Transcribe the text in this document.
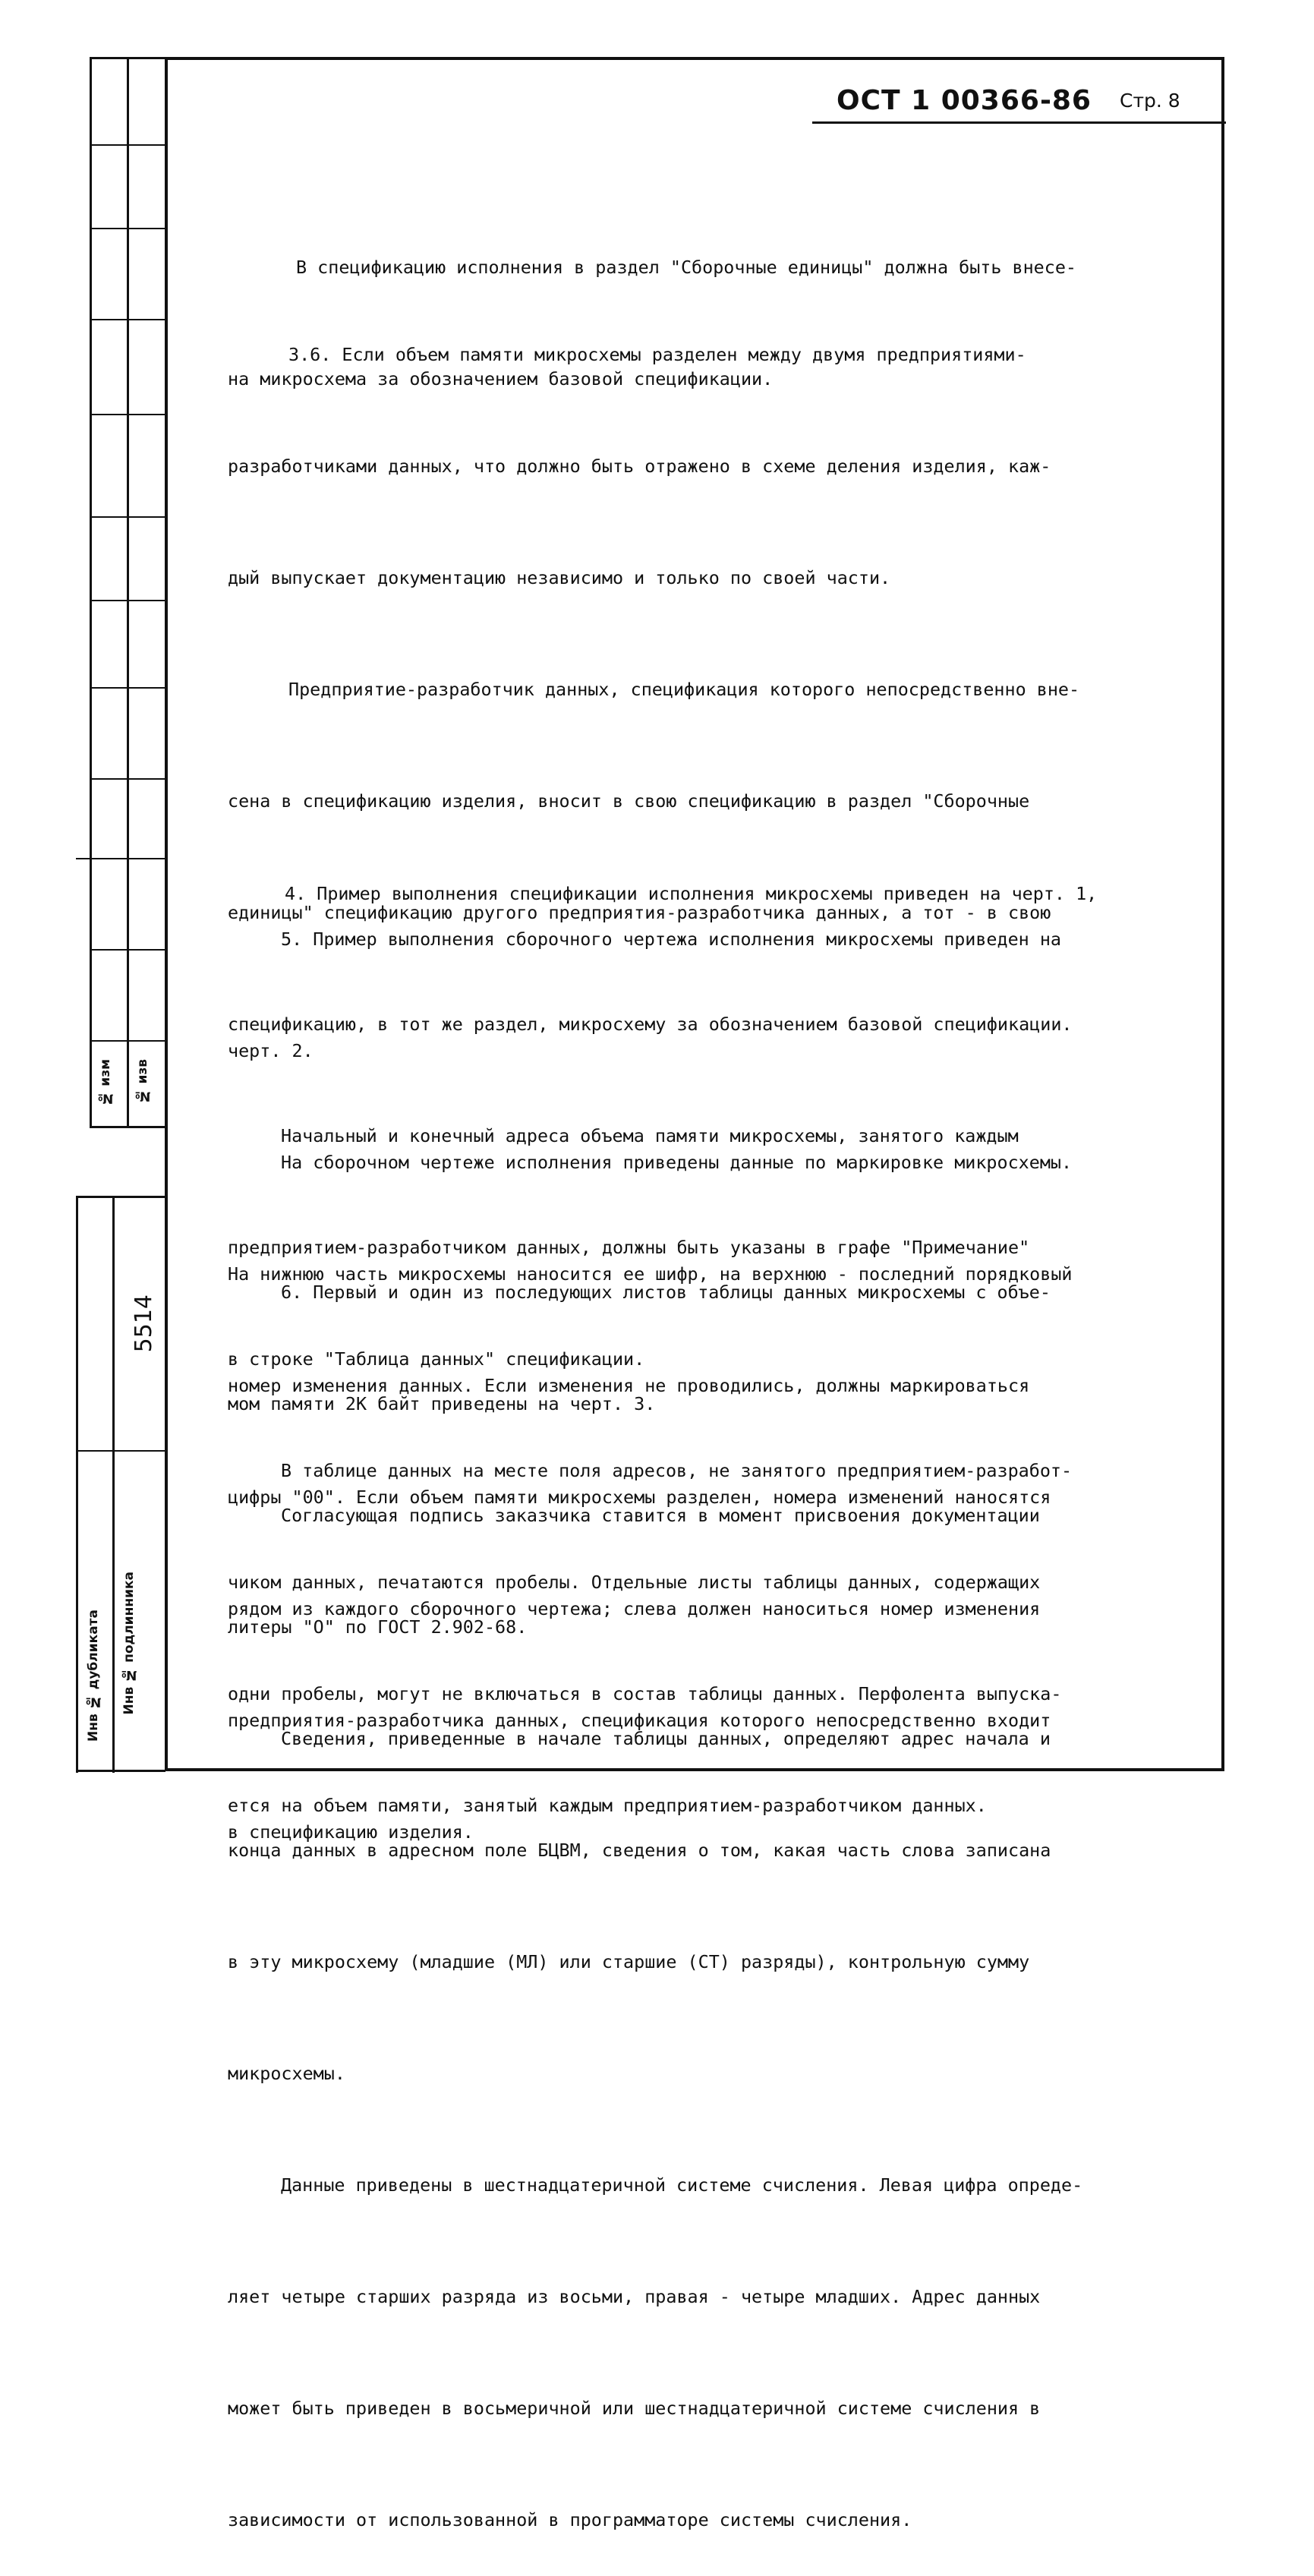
№ изм № изв
5514
Инв № дубликата Инв № подлинника
ОСТ 1 00366-86 Стр. 8

В спецификацию исполнения в раздел "Сборочные единицы" должна быть внесе-

на микросхема за обозначением базовой спецификации.

3.6. Если объем памяти микросхемы разделен между двумя предприятиями-

разработчиками данных, что должно быть отражено в схеме деления изделия, каж-

дый выпускает документацию независимо и только по своей части.

Предприятие-разработчик данных, спецификация которого непосредственно вне-

сена в спецификацию изделия, вносит в свою спецификацию в раздел "Сборочные

единицы" спецификацию другого предприятия-разработчика данных, а тот - в свою

спецификацию, в тот же раздел, микросхему за обозначением базовой спецификации.

Начальный и конечный адреса объема памяти микросхемы, занятого каждым

предприятием-разработчиком данных, должны быть указаны в графе "Примечание"

в строке "Таблица данных" спецификации.

В таблице данных на месте поля адресов, не занятого предприятием-разработ-

чиком данных, печатаются пробелы. Отдельные листы таблицы данных, содержащих

одни пробелы, могут не включаться в состав таблицы данных. Перфолента выпуска-

ется на объем памяти, занятый каждым предприятием-разработчиком данных.

4. Пример выполнения спецификации исполнения микросхемы приведен на черт. 1,

5. Пример выполнения сборочного чертежа исполнения микросхемы приведен на

черт. 2.

На сборочном чертеже исполнения приведены данные по маркировке микросхемы.

На нижнюю часть микросхемы наносится ее шифр, на верхнюю - последний порядковый

номер изменения данных. Если изменения не проводились, должны маркироваться

цифры "00". Если объем памяти микросхемы разделен, номера изменений наносятся

рядом из каждого сборочного чертежа; слева должен наноситься номер изменения

предприятия-разработчика данных, спецификация которого непосредственно входит

в спецификацию изделия.

6. Первый и один из последующих листов таблицы данных микросхемы с объе-

мом памяти 2К байт приведены на черт. 3.

Согласующая подпись заказчика ставится в момент присвоения документации

литеры "О" по ГОСТ 2.902-68.

Сведения, приведенные в начале таблицы данных, определяют адрес начала и

конца данных в адресном поле БЦВМ, сведения о том, какая часть слова записана

в эту микросхему (младшие (МЛ) или старшие (СТ) разряды), контрольную сумму

микросхемы.

Данные приведены в шестнадцатеричной системе счисления. Левая цифра опреде-

ляет четыре старших разряда из восьми, правая - четыре младших. Адрес данных

может быть приведен в восьмеричной или шестнадцатеричной системе счисления в

зависимости от использованной в программаторе системы счисления.
